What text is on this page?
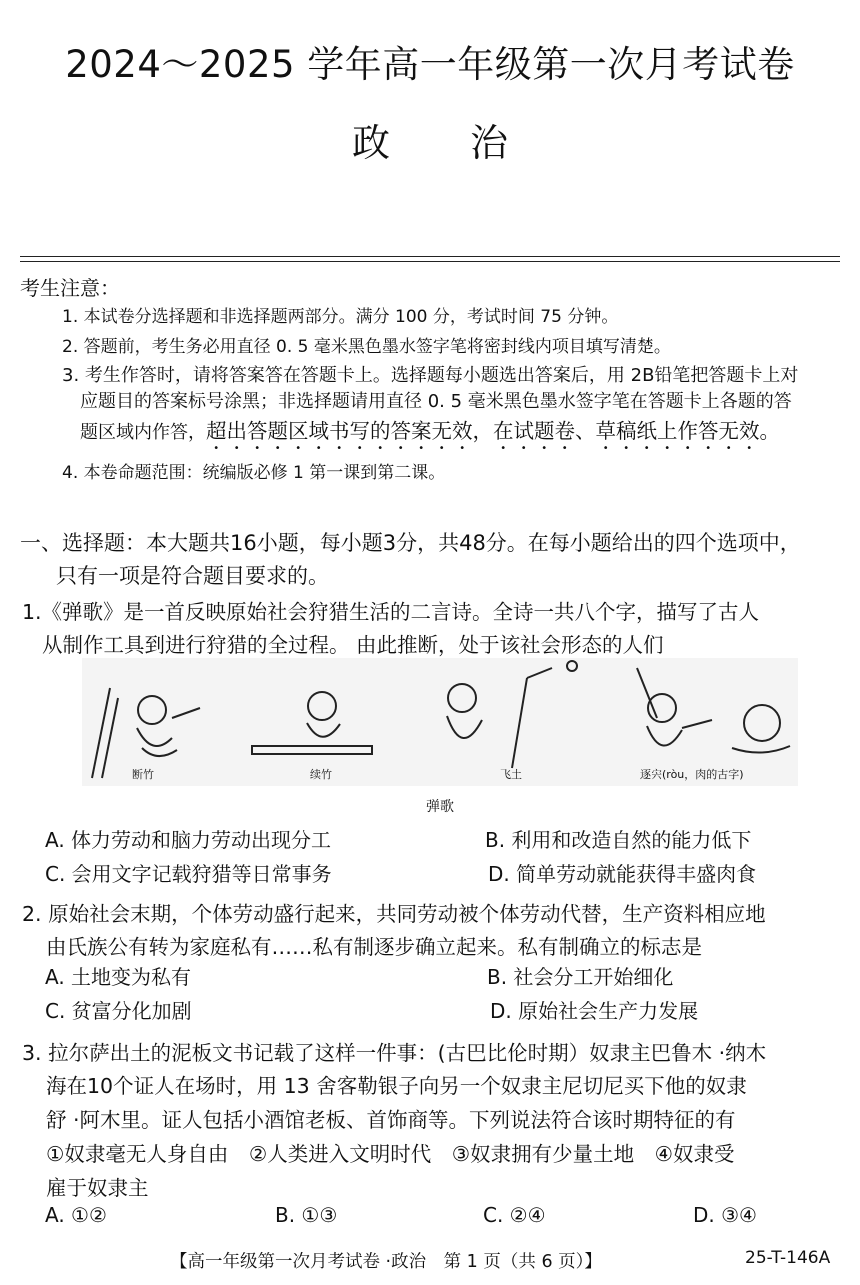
2024～2025 学年高一年级第一次月考试卷
政治
考生注意：
1. 本试卷分选择题和非选择题两部分。满分 100 分，考试时间 75 分钟。
2. 答题前，考生务必用直径 0. 5 毫米黑色墨水签字笔将密封线内项目填写清楚。
3. 考生作答时，请将答案答在答题卡上。选择题每小题选出答案后，用 2B铅笔把答题卡上对
应题目的答案标号涂黑；非选择题请用直径 0. 5 毫米黑色墨水签字笔在答题卡上各题的答
题区域内作答，超出答题区域书写的答案无效，在试题卷、草稿纸上作答无效。
4. 本卷命题范围：统编版必修 1 第一课到第二课。
一、选择题：本大题共16小题，每小题3分，共48分。在每小题给出的四个选项中，
只有一项是符合题目要求的。
1.《弹歌》是一首反映原始社会狩猎生活的二言诗。全诗一共八个字，描写了古人
从制作工具到进行狩猎的全过程。 由此推断，处于该社会形态的人们
断竹	续竹	飞土	逐宍(ròu，肉的古字)
弹歌
A. 体力劳动和脑力劳动出现分工	B. 利用和改造自然的能力低下
C. 会用文字记载狩猎等日常事务	D. 简单劳动就能获得丰盛肉食
2. 原始社会末期，个体劳动盛行起来，共同劳动被个体劳动代替，生产资料相应地
由氏族公有转为家庭私有……私有制逐步确立起来。私有制确立的标志是
A. 土地变为私有	B. 社会分工开始细化
C. 贫富分化加剧	D. 原始社会生产力发展
3. 拉尔萨出土的泥板文书记载了这样一件事：(古巴比伦时期）奴隶主巴鲁木 ·纳木
海在10个证人在场时，用 13 舍客勒银子向另一个奴隶主尼切尼买下他的奴隶
舒 ·阿木里。证人包括小酒馆老板、首饰商等。下列说法符合该时期特征的有
①奴隶毫无人身自由　②人类进入文明时代　③奴隶拥有少量土地　④奴隶受
雇于奴隶主
A. ①②	B. ①③	C. ②④	D. ③④
【高一年级第一次月考试卷 ·政治　第 1 页（共 6 页）】	25-T-146A
